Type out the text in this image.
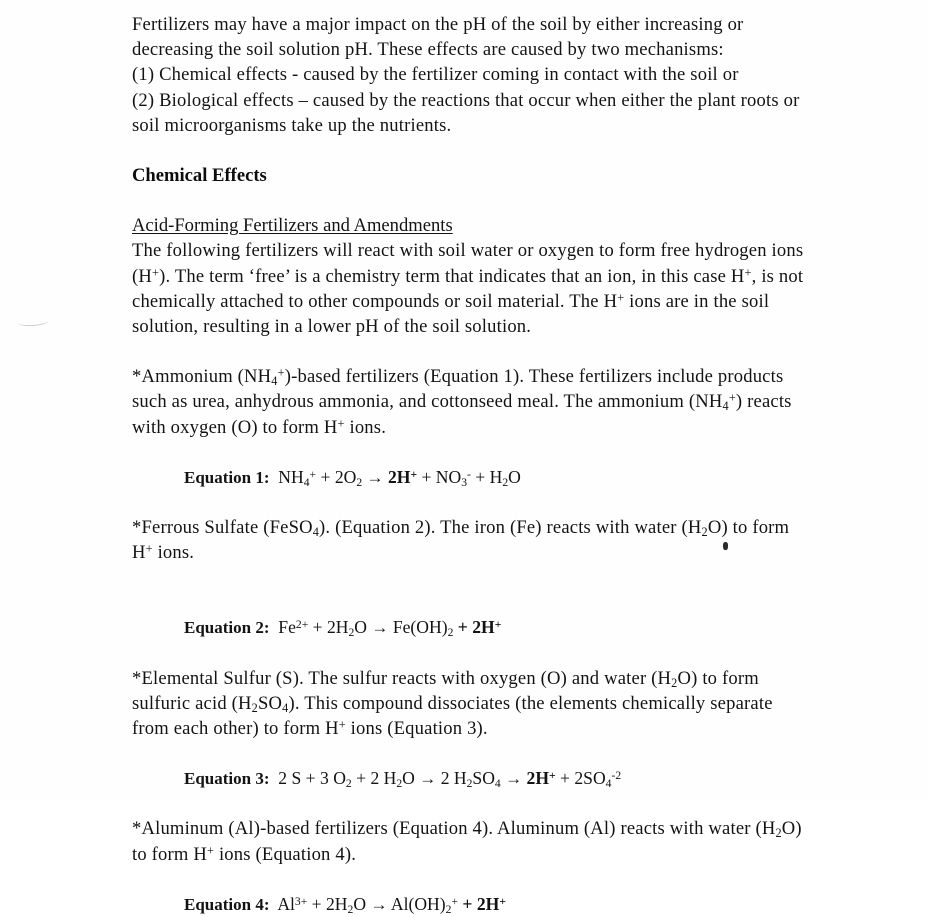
Fertilizers may have a major impact on the pH of the soil by either increasing or
decreasing the soil solution pH. These effects are caused by two mechanisms:
(1) Chemical effects - caused by the fertilizer coming in contact with the soil or
(2) Biological effects – caused by the reactions that occur when either the plant roots or
soil microorganisms take up the nutrients.

Chemical Effects

Acid-Forming Fertilizers and Amendments

The following fertilizers will react with soil water or oxygen to form free hydrogen ions
(H+). The term ‘free’ is a chemistry term that indicates that an ion, in this case H+, is not
chemically attached to other compounds or soil material. The H+ ions are in the soil
solution, resulting in a lower pH of the soil solution.

*Ammonium $(NH_4^+)$-based fertilizers (Equation 1). These fertilizers include products
such as urea, anhydrous ammonia, and cottonseed meal. The ammonium $(NH_4^+)$ reacts
with oxygen (O) to form H+ ions.

Equation 1: $NH_4^+ + 2O_2 \to 2H^+ + NO_3^- + H_2O$

*Ferrous Sulfate (FeSO$_4$). (Equation 2). The iron (Fe) reacts with water $(H_2O)$ to form
H+ ions.

Equation 2: $Fe^{2+} + 2H_2O \to Fe(OH)_2 + 2H^+$

*Elemental Sulfur (S). The sulfur reacts with oxygen (O) and water $(H_2O)$ to form
sulfuric acid $(H_2SO_4)$. This compound dissociates (the elements chemically separate
from each other) to form H+ ions (Equation 3).

Equation 3: 2 S + 3 $O_2 + 2$ $H_2O \to 2$ $H_2SO_4 \to 2H^+ + 2SO_4^{-2}$

*Aluminum (Al)-based fertilizers (Equation 4). Aluminum (Al) reacts with water $(H_2O)$
to form H+ ions (Equation 4).

Equation 4: $Al^{3+} + 2H_2O \to Al(OH)_2^+ + 2H^+$
